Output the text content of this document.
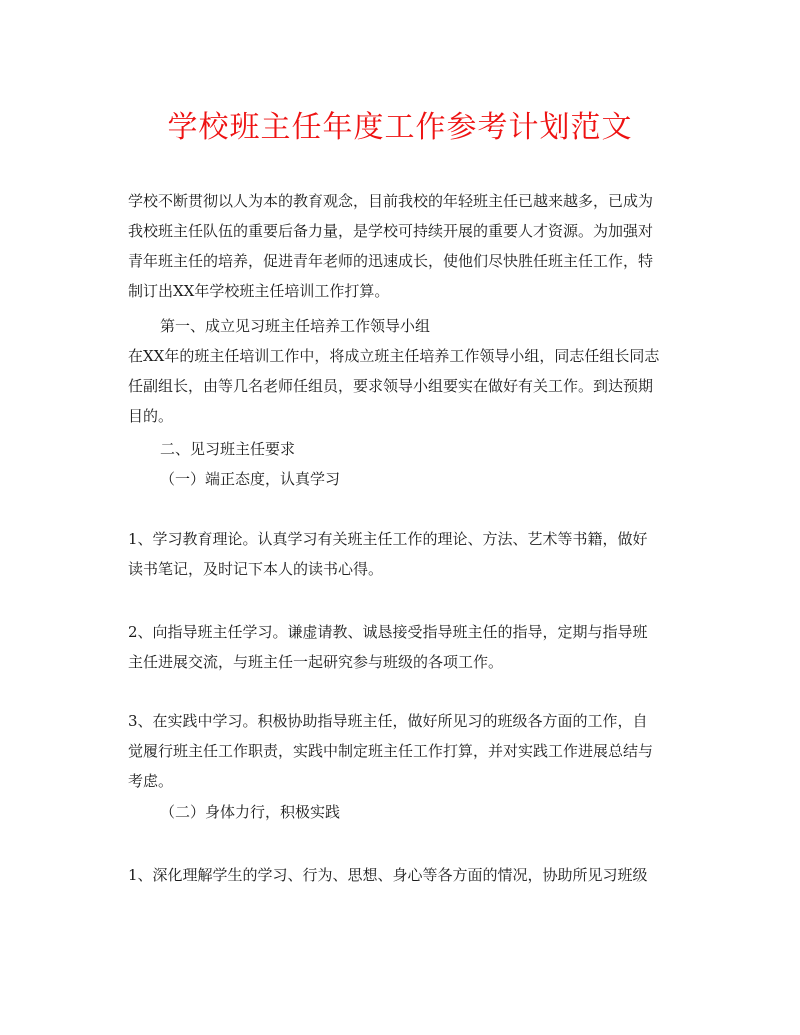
学校班主任年度工作参考计划范文

学校不断贯彻以人为本的教育观念，目前我校的年轻班主任已越来越多，已成为
我校班主任队伍的重要后备力量，是学校可持续开展的重要人才资源。为加强对
青年班主任的培养，促进青年老师的迅速成长，使他们尽快胜任班主任工作，特
制订出XX年学校班主任培训工作打算。

第一、成立见习班主任培养工作领导小组

在XX年的班主任培训工作中，将成立班主任培养工作领导小组，同志任组长同志
任副组长，由等几名老师任组员，要求领导小组要实在做好有关工作。到达预期
目的。

二、见习班主任要求

（一）端正态度，认真学习

1、学习教育理论。认真学习有关班主任工作的理论、方法、艺术等书籍，做好
读书笔记，及时记下本人的读书心得。

2、向指导班主任学习。谦虚请教、诚恳接受指导班主任的指导，定期与指导班
主任进展交流，与班主任一起研究参与班级的各项工作。

3、在实践中学习。积极协助指导班主任，做好所见习的班级各方面的工作，自
觉履行班主任工作职责，实践中制定班主任工作打算，并对实践工作进展总结与
考虑。

（二）身体力行，积极实践

1、深化理解学生的学习、行为、思想、身心等各方面的情况，协助所见习班级
